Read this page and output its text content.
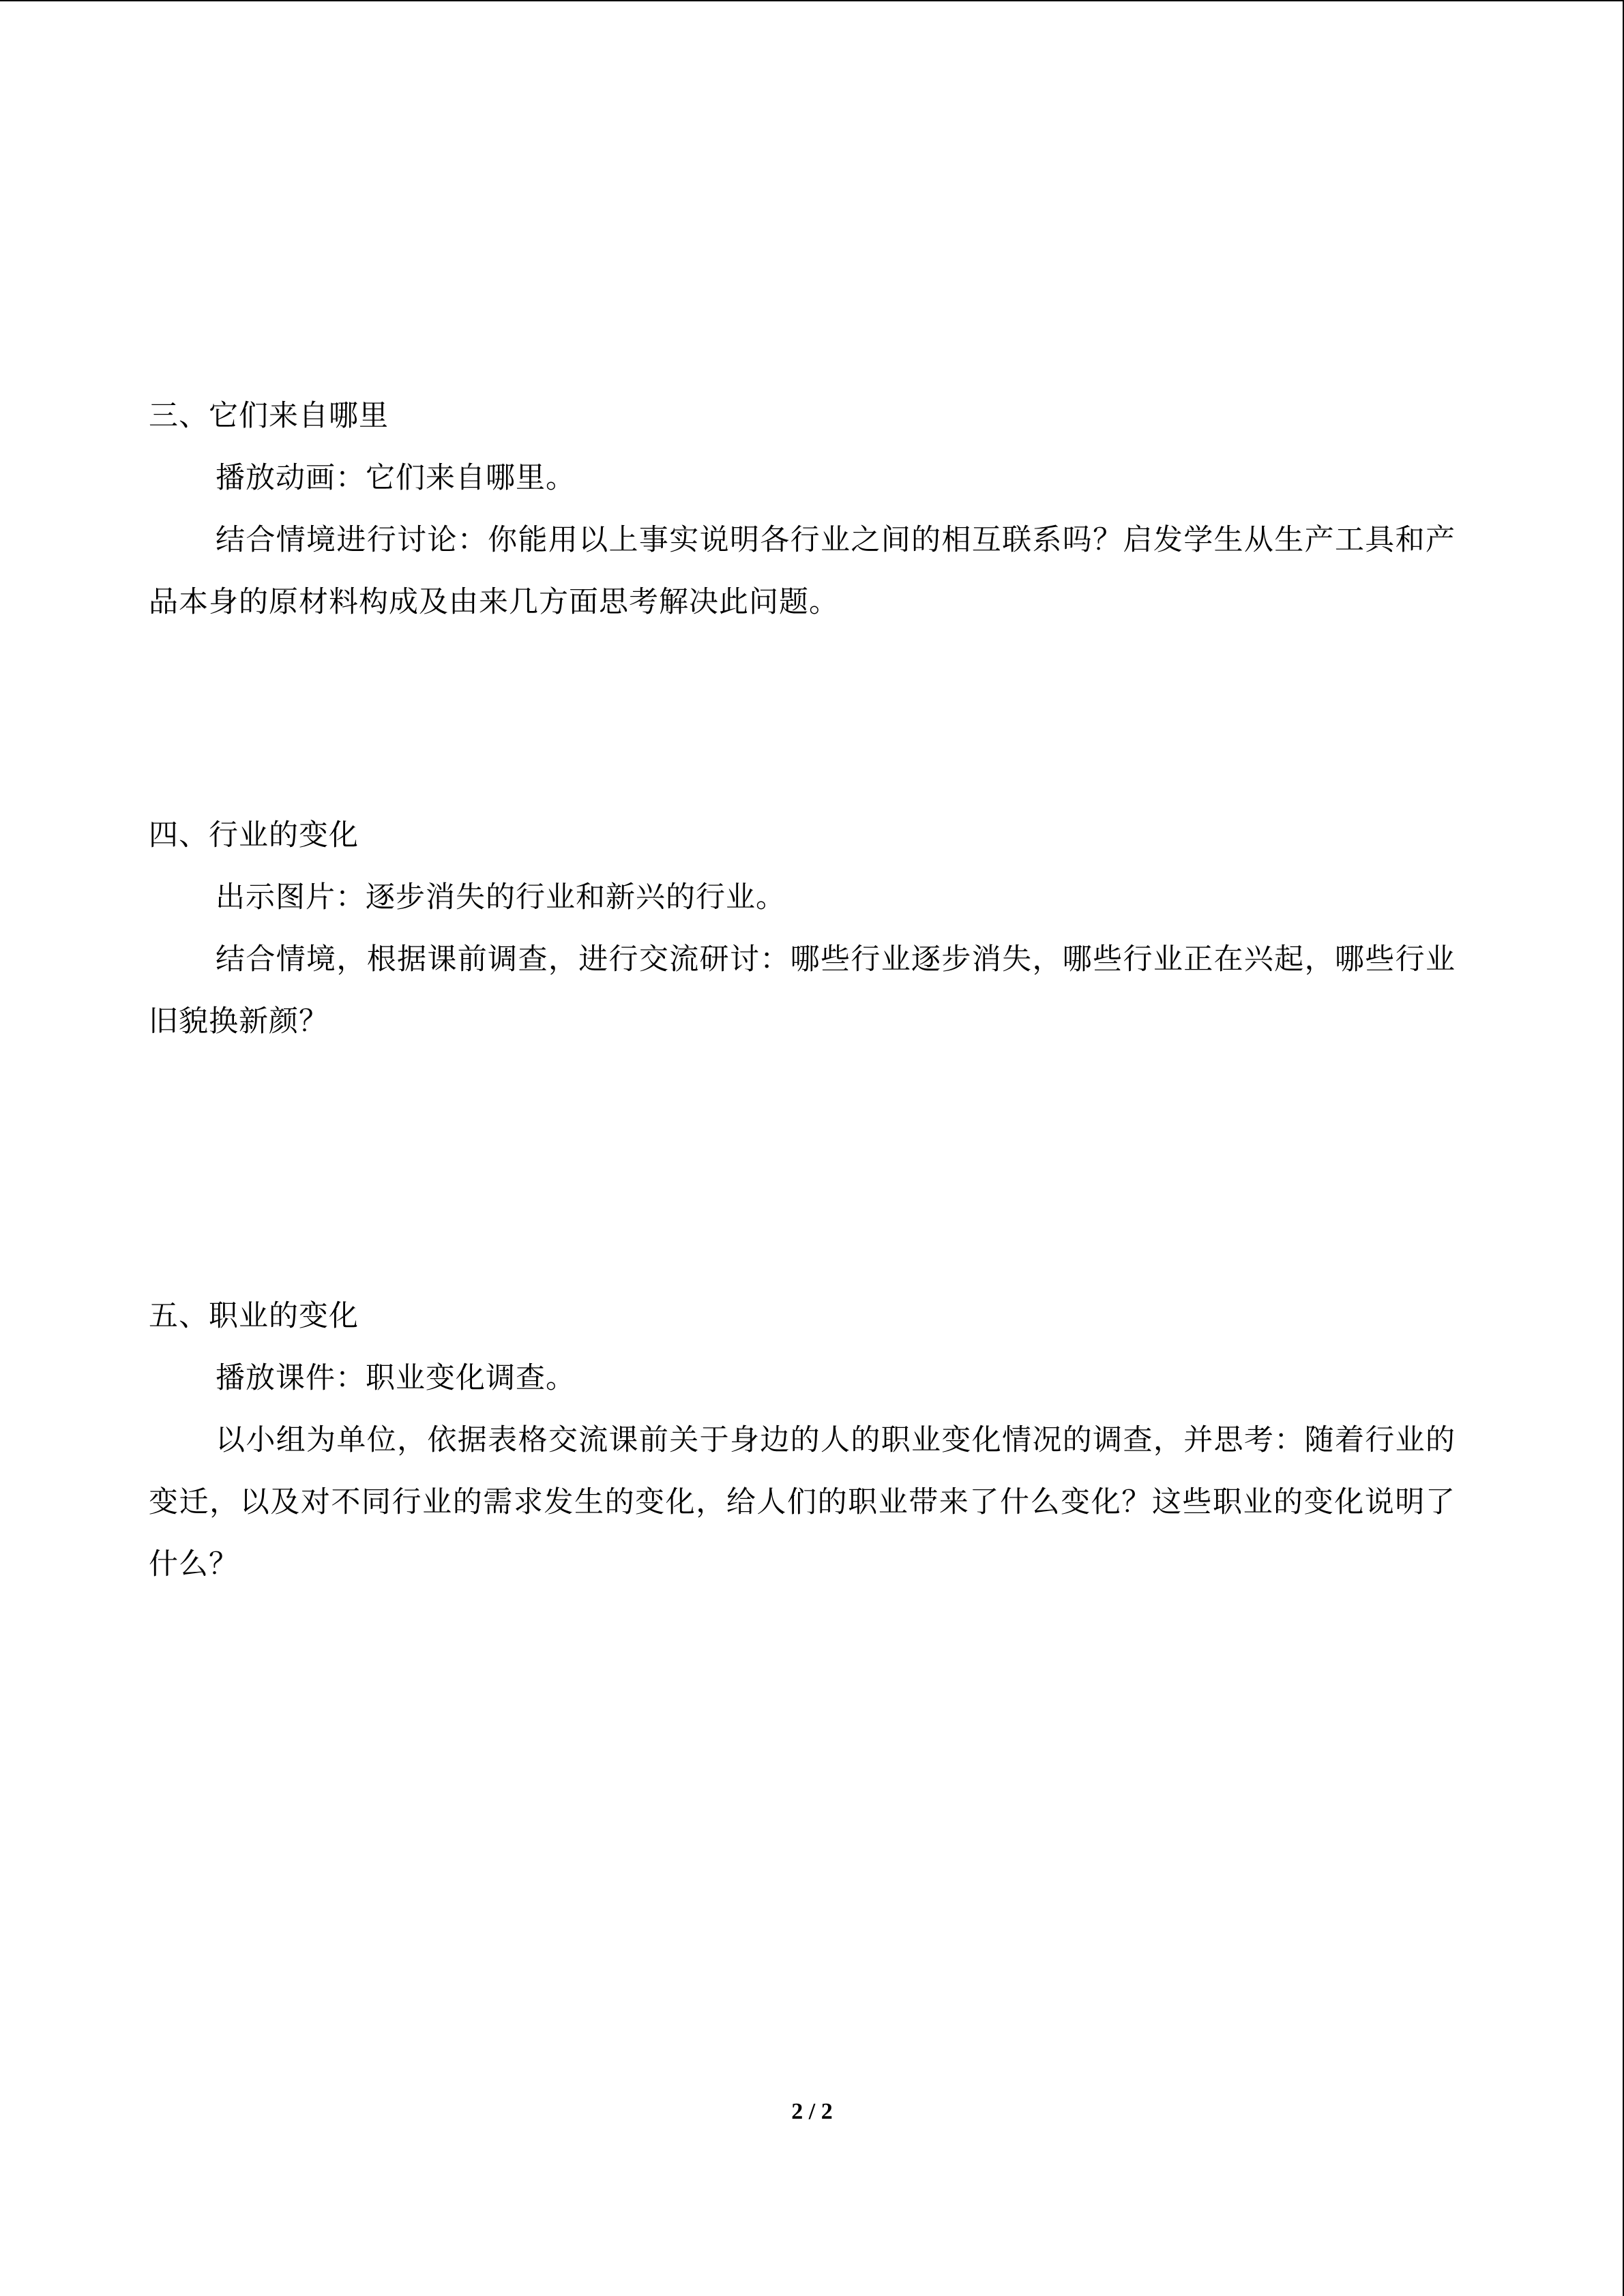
三、它们来自哪里

播放动画：它们来自哪里。

结合情境进行讨论：你能用以上事实说明各行业之间的相互联系吗？启发学生从生产工具和产品本身的原材料构成及由来几方面思考解决此问题。

四、行业的变化

出示图片：逐步消失的行业和新兴的行业。

结合情境，根据课前调查，进行交流研讨：哪些行业逐步消失，哪些行业正在兴起，哪些行业旧貌换新颜？

五、职业的变化

播放课件：职业变化调查。

以小组为单位，依据表格交流课前关于身边的人的职业变化情况的调查，并思考：随着行业的变迁，以及对不同行业的需求发生的变化，给人们的职业带来了什么变化？这些职业的变化说明了什么？

2 / 2
